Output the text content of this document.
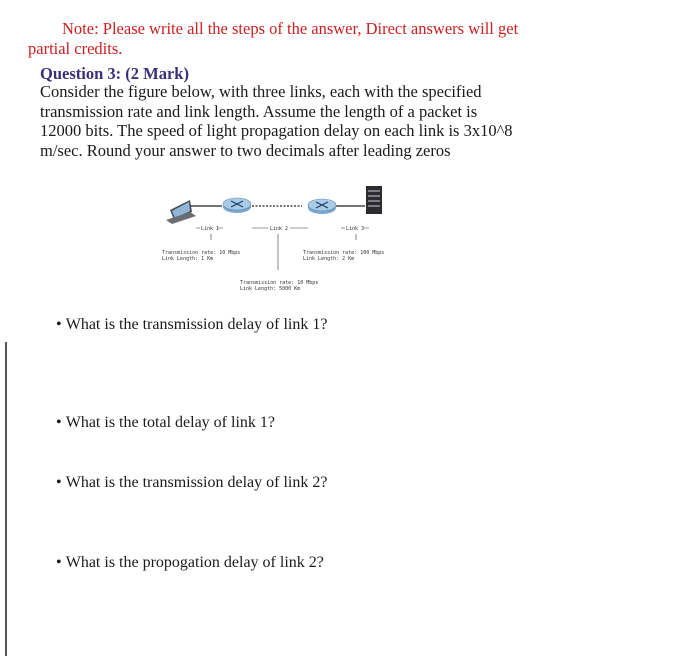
Note: Please write all the steps of the answer, Direct answers will get
partial credits.
Question 3: (2 Mark)
Consider the figure below, with three links, each with the specified
transmission rate and link length. Assume the length of a packet is
12000 bits. The speed of light propagation delay on each link is 3x10^8
m/sec. Round your answer to two decimals after leading zeros
Link 1	Link 2	Link 3
Transmission rate: 10 Mbps
Link Length: 1 Km
Transmission rate: 100 Mbps
Link Length: 2 Km
Transmission rate: 10 Mbps
Link Length: 5000 Km
• What is the transmission delay of link 1?
• What is the total delay of link 1?
• What is the transmission delay of link 2?
• What is the propogation delay of link 2?
